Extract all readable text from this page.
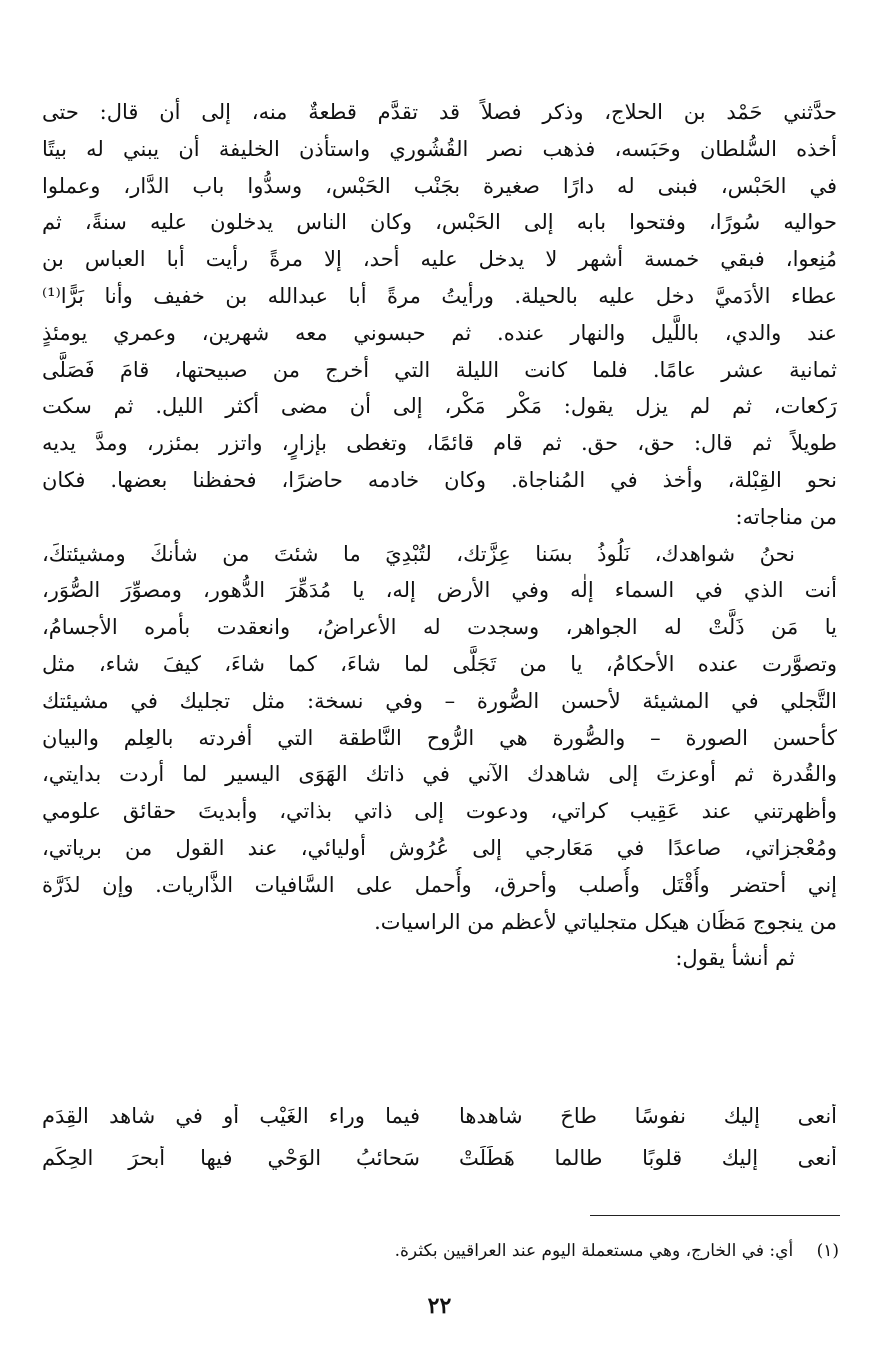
حدَّثني حَمْد بن الحلاج، وذكر فصلاً قد تقدَّم قطعةٌ منه، إلى أن قال: حتى
أخذه السُّلطان وحَبَسه، فذهب نصر القُشُوري واستأذن الخليفة أن يبني له بيتًا
في الحَبْس، فبنى له دارًا صغيرة بجَنْب الحَبْس، وسدُّوا باب الدَّار، وعملوا
حواليه سُورًا، وفتحوا بابه إلى الحَبْس، وكان الناس يدخلون عليه سنةً، ثم
مُنِعوا، فبقي خمسة أشهر لا يدخل عليه أحد، إلا مرةً رأيت أبا العباس بن
عطاء الأدَميَّ دخل عليه بالحيلة. ورأيتُ مرةً أبا عبدالله بن خفيف وأنا بَرًّا⁽¹⁾
عند والدي، باللَّيل والنهار عنده. ثم حبسوني معه شهرين، وعمري يومئذٍ
ثمانية عشر عامًا. فلما كانت الليلة التي أخرج من صبيحتها، قامَ فَصَلَّى
رَكعات، ثم لم يزل يقول: مَكْر مَكْر، إلى أن مضى أكثر الليل. ثم سكت
طويلاً ثم قال: حق، حق. ثم قام قائمًا، وتغطى بإزارٍ، واتزر بمئزر، ومدَّ يديه
نحو القِبْلة، وأخذ في المُناجاة. وكان خادمه حاضرًا، فحفظنا بعضها. فكان
من مناجاته:
نحنُ شواهدك، نَلُوذُ بسَنا عِزَّتك، لتُبْدِيَ ما شئتَ من شأنكَ ومشيئتكَ،
أنت الذي في السماء إلٰه وفي الأرض إله، يا مُدَهِّرَ الدُّهور، ومصوِّرَ الصُّوَر،
يا مَن ذَلَّتْ له الجواهر، وسجدت له الأعراضُ، وانعقدت بأمره الأجسامُ،
وتصوَّرت عنده الأحكامُ، يا من تَجَلَّى لما شاءَ، كما شاءَ، كيفَ شاء، مثل
التَّجلي في المشيئة لأحسن الصُّورة – وفي نسخة: مثل تجليك في مشيئتك
كأحسن الصورة – والصُّورة هي الرُّوح النَّاطقة التي أفردته بالعِلم والبيان
والقُدرة ثم أوعزتَ إلى شاهدك الآني في ذاتك الهَوَى اليسير لما أردت بدايتي،
وأظهرتني عند عَقِيب كراتي، ودعوت إلى ذاتي بذاتي، وأبديتَ حقائق علومي
ومُعْجزاتي، صاعدًا في مَعَارجي إلى عُرُوش أوليائي، عند القول من برياتي،
إني أحتضر وأُقْتَل وأُصلب وأحرق، وأُحمل على السَّافيات الذَّاريات. وإن لذَرَّة
من ينجوج مَظَان هيكل متجلياتي لأعظم من الراسيات.
ثم أنشأ يقول:
أنعى إليك نفوسًا طاحَ شاهدها
فيما وراء الغَيْب أو في شاهد القِدَم
أنعى إليك قلوبًا طالما هَطَلَتْ
سَحائبُ الوَحْي فيها أبحرَ الحِكَمِ
(١) أي: في الخارج، وهي مستعملة اليوم عند العراقيين بكثرة.
٢٢
